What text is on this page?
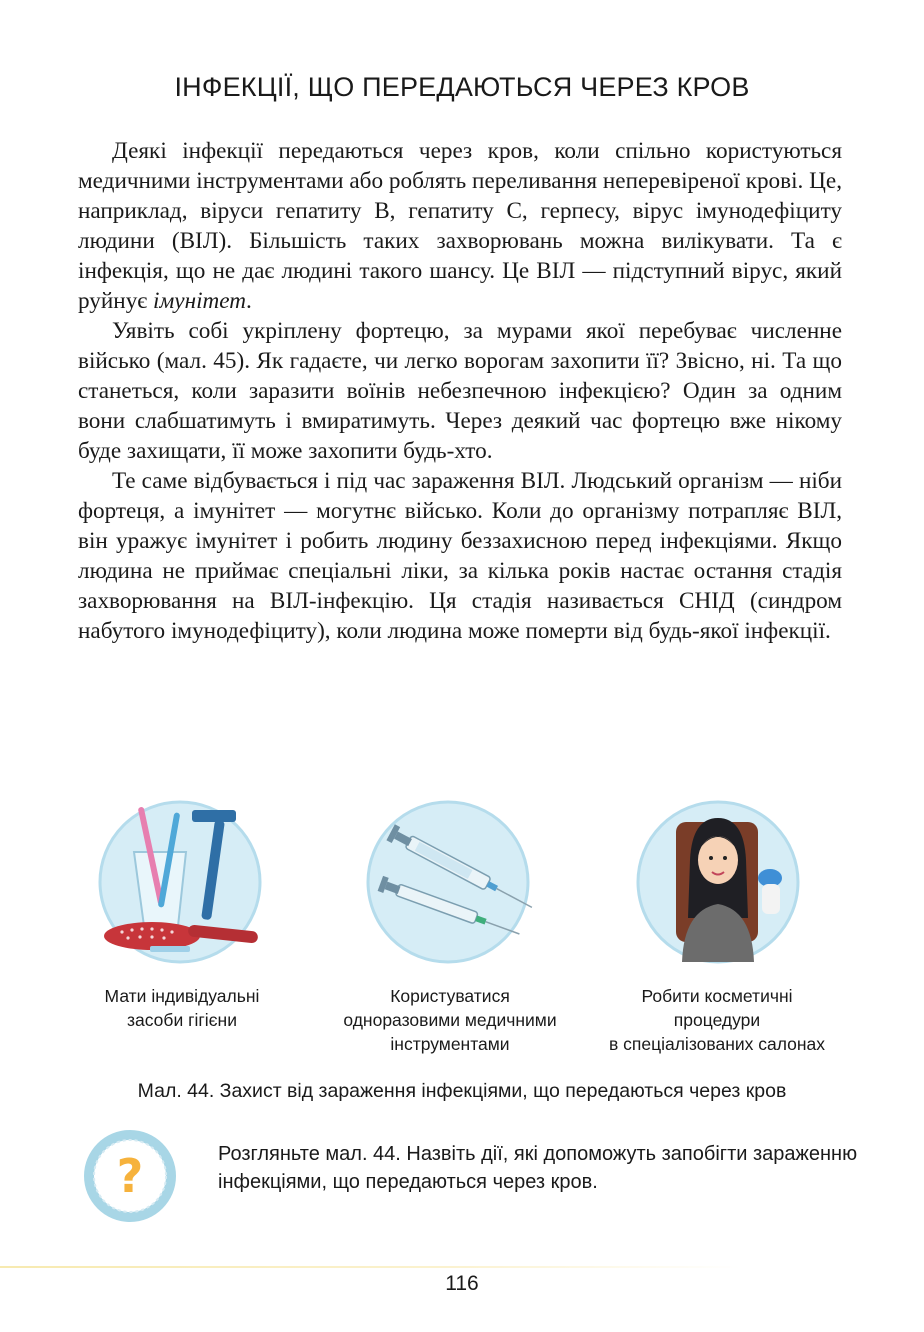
ІНФЕКЦІЇ, ЩО ПЕРЕДАЮТЬСЯ ЧЕРЕЗ КРОВ

Деякі інфекції передаються через кров, коли спільно користуються медичними інструментами або роблять переливання неперевіреної крові. Це, наприклад, віруси гепатиту В, гепатиту С, герпесу, вірус імунодефіциту людини (ВІЛ). Більшість таких захворювань можна вилікувати. Та є інфекція, що не дає людині такого шансу. Це ВІЛ — підступний вірус, який руйнує імунітет.

Уявіть собі укріплену фортецю, за мурами якої перебуває численне військо (мал. 45). Як гадаєте, чи легко ворогам захопити її? Звісно, ні. Та що станеться, коли заразити воїнів небезпечною інфекцією? Один за одним вони слабшатимуть і вмиратимуть. Через деякий час фортецю вже нікому буде захищати, її може захопити будь-хто.

Те саме відбувається і під час зараження ВІЛ. Людський організм — ніби фортеця, а імунітет — могутнє військо. Коли до організму потрапляє ВІЛ, він уражує імунітет і робить людину беззахисною перед інфекціями. Якщо людина не приймає спеціальні ліки, за кілька років настає остання стадія захворювання на ВІЛ-інфекцію. Ця стадія називається СНІД (синдром набутого імунодефіциту), коли людина може померти від будь-якої інфекції.

Мати індивідуальні
засоби гігієни
Користуватися
одноразовими медичними
інструментами
Робити косметичні
процедури
в спеціалізованих салонах
Мал. 44. Захист від зараження інфекціями, що передаються через кров
?	Розгляньте мал. 44. Назвіть дії, які допоможуть запобігти зараженню інфекціями, що передаються через кров.
116
